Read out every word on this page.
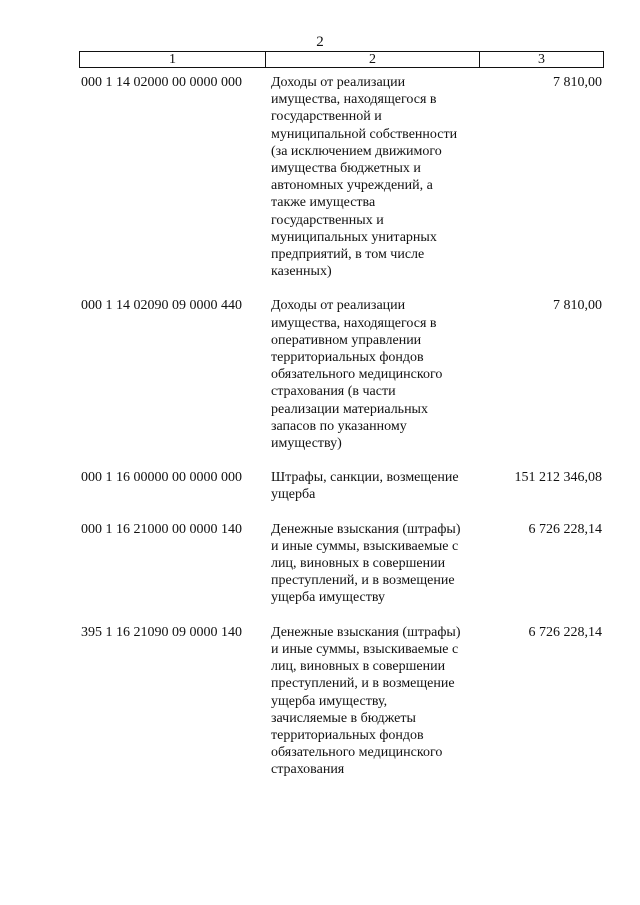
2
1	2	3
000 1 14 02000 00 0000 000	Доходы от реализации
имущества, находящегося в
государственной и
муниципальной собственности
(за исключением движимого
имущества бюджетных и
автономных учреждений, а
также имущества
государственных и
муниципальных унитарных
предприятий, в том числе
казенных)
7 810,00
000 1 14 02090 09 0000 440	Доходы от реализации
имущества, находящегося в
оперативном управлении
территориальных фондов
обязательного медицинского
страхования (в части
реализации материальных
запасов по указанному
имуществу)
7 810,00
000 1 16 00000 00 0000 000	Штрафы, санкции, возмещение
ущерба
151 212 346,08
000 1 16 21000 00 0000 140	Денежные взыскания (штрафы)
и иные суммы, взыскиваемые с
лиц, виновных в совершении
преступлений, и в возмещение
ущерба имуществу
6 726 228,14
395 1 16 21090 09 0000 140	Денежные взыскания (штрафы)
и иные суммы, взыскиваемые с
лиц, виновных в совершении
преступлений, и в возмещение
ущерба имуществу,
зачисляемые в бюджеты
территориальных фондов
обязательного медицинского
страхования
6 726 228,14
